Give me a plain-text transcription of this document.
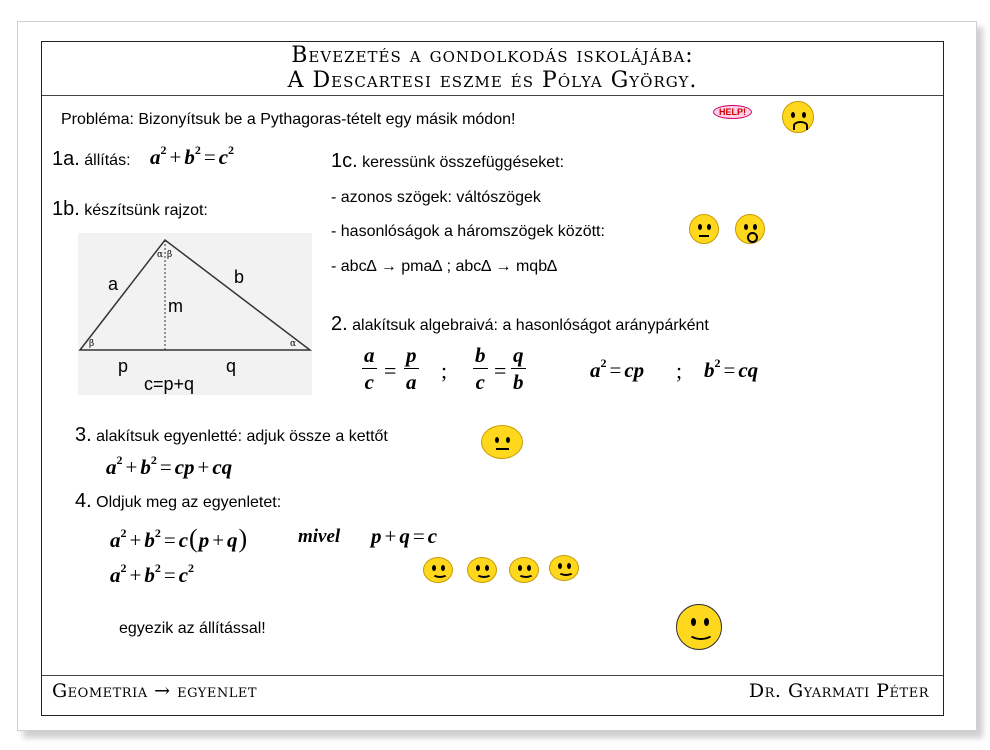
Bevezetés a gondolkodás iskolájába:
A Descartesi eszme és Pólya György.
Geometria → egyenlet	Dr. Gyarmati Péter
Probléma: Bizonyítsuk be a Pythagoras-tételt egy másik módon!	HELP!
1a. állítás: $a^2 + b^2 = c^2$
1b. készítsünk rajzot:
a	b
m
p	q
c=p+q
β
α β
α
1c. keressünk összefüggéseket:
- azonos szögek: váltószögek
- hasonlóságok a háromszögek között:
- abc∆ → pma∆ ; abc∆ → mqb∆
2. alakítsuk algebraivá: a hasonlóságot aránypárként
a
c =
p
a ;
b
c =
q
b	$a^2$ = cp ; $b^2$ = cq
3. alakítsuk egyenletté: adjuk össze a kettőt
$a^2 + b^2$ = cp + cq
4. Oldjuk meg az egyenletet:
$a^2 + b^2 = c(p + q)$	mivel p + q = c
$a^2 + b^2 = c^2$
egyezik az állítással!
